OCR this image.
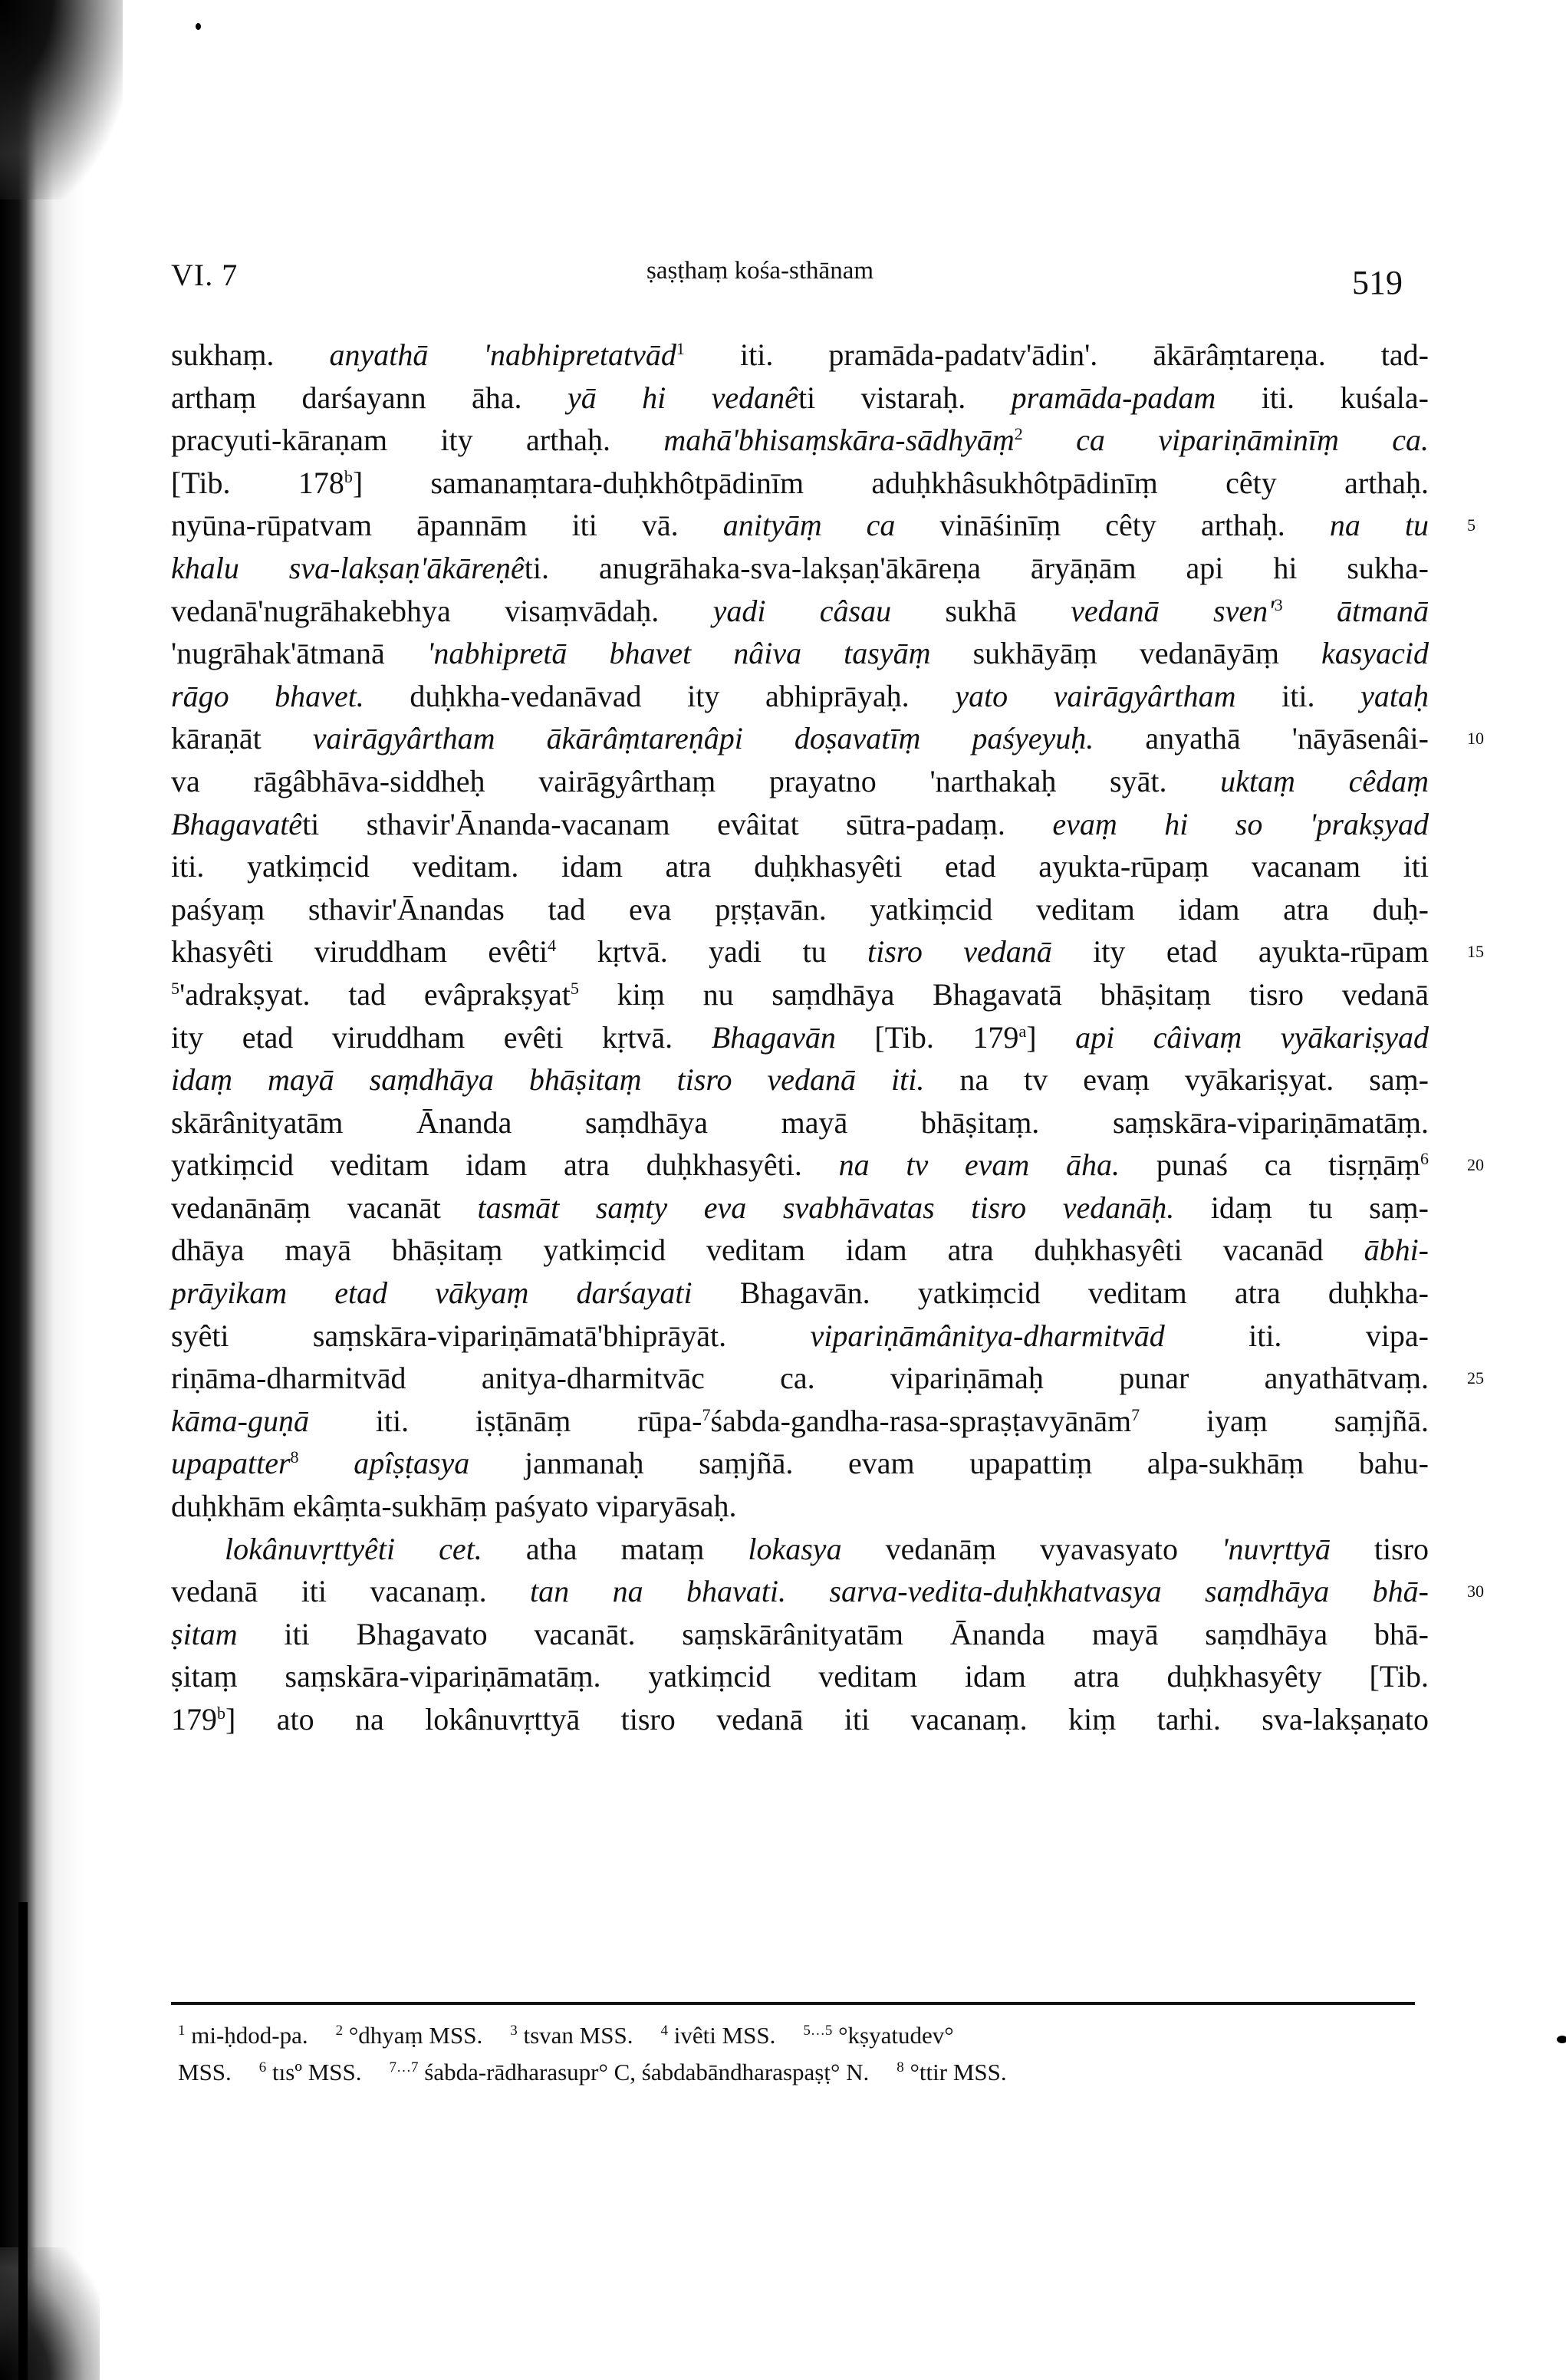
VI. 7	ṣaṣṭhaṃ kośa-sthānam	519
sukhaṃ. anyathā 'nabhipretatvād$^1$ iti. pramāda-padatv'ādin'. ākārâṃtareṇa. tad-
arthaṃ darśayann āha. yā hi vedanêti vistaraḥ. pramāda-padam iti. kuśala-
pracyuti-kāraṇam ity arthaḥ. mahā'bhisaṃskāra-sādhyāṃ$^2$ ca vipariṇāminīṃ ca.
[Tib. 178$^b$] samanaṃtara-duḥkhôtpādinīm aduḥkhâsukhôtpādinīṃ cêty arthaḥ.
nyūna-rūpatvam āpannām iti vā. anityāṃ ca vināśinīṃ cêty arthaḥ. na tu 5
khalu sva-lakṣaṇ'ākāreṇêti. anugrāhaka-sva-lakṣaṇ'ākāreṇa āryāṇām api hi sukha-
vedanā'nugrāhakebhya visaṃvādaḥ. yadi câsau sukhā vedanā $sven'^3$ ātmanā
'nugrāhak'ātmanā 'nabhipretā bhavet nâiva tasyāṃ sukhāyāṃ vedanāyāṃ kasyacid
rāgo bhavet. duḥkha-vedanāvad ity abhiprāyaḥ. yato vairāgyârtham iti. yataḥ
kāraṇāt vairāgyârtham ākārâṃtareṇâpi doṣavatīṃ paśyeyuḥ. anyathā 'nāyāsenâi- 10
va rāgâbhāva-siddheḥ vairāgyârthaṃ prayatno 'narthakaḥ syāt. uktaṃ cêdaṃ
Bhagavatêti sthavir'Ānanda-vacanam evâitat sūtra-padaṃ. evaṃ hi so 'prakṣyad
iti. yatkiṃcid veditam. idam atra duḥkhasyêti etad ayukta-rūpaṃ vacanam iti
paśyaṃ sthavir'Ānandas tad eva pṛṣṭavān. yatkiṃcid veditam idam atra duḥ-
khasyêti viruddham evêti$^4$ kṛtvā. yadi tu tisro vedanā ity etad ayukta-rūpam 15
$^5$'adrakṣyat. tad evâprakṣyat$^5$ kiṃ nu saṃdhāya Bhagavatā bhāṣitaṃ tisro vedanā
ity etad viruddham evêti kṛtvā. Bhagavān [Tib. 179$^a$] api câivaṃ vyākariṣyad
idaṃ mayā saṃdhāya bhāṣitaṃ tisro vedanā iti. na tv evaṃ vyākariṣyat. saṃ-
skārânityatām Ānanda saṃdhāya mayā bhāṣitaṃ. saṃskāra-vipariṇāmatāṃ.
yatkiṃcid veditam idam atra duḥkhasyêti. na tv evam āha. punaś ca tisṛṇāṃ$^6$ 20
vedanānāṃ vacanāt tasmāt saṃty eva svabhāvatas tisro vedanāḥ. idaṃ tu saṃ-
dhāya mayā bhāṣitaṃ yatkiṃcid veditam idam atra duḥkhasyêti vacanād ābhi-
prāyikam etad vākyaṃ darśayati Bhagavān. yatkiṃcid veditam atra duḥkha-
syêti saṃskāra-vipariṇāmatā'bhiprāyāt. vipariṇāmânitya-dharmitvād iti. vipa-
riṇāma-dharmitvād anitya-dharmitvāc ca. vipariṇāmaḥ punar anyathātvaṃ. 25
kāma-guṇā iti. iṣṭānāṃ rūpa-$^7$śabda-gandha-rasa-spraṣṭavyānām$^7$ iyaṃ saṃjñā.
upapatter$^8$ apîṣṭasya janmanaḥ saṃjñā. evam upapattiṃ alpa-sukhāṃ bahu-
duḥkhām ekâṃta-sukhāṃ paśyato viparyāsaḥ.
lokânuvṛttyêti cet. atha mataṃ lokasya vedanāṃ vyavasyato 'nuvṛttyā tisro
vedanā iti vacanaṃ. tan na bhavati. sarva-vedita-duḥkhatvasya saṃdhāya bhā- 30
ṣitam iti Bhagavato vacanāt. saṃskārânityatām Ānanda mayā saṃdhāya bhā-
ṣitaṃ saṃskāra-vipariṇāmatāṃ. yatkiṃcid veditam idam atra duḥkhasyêty [Tib.
179$^b$] ato na lokânuvṛttyā tisro vedanā iti vacanaṃ. kiṃ tarhi. sva-lakṣaṇato
$^1$ mi-ḥdod-pa. $^2$ °dhyaṃ MSS. $^3$ tsvan MSS. $^4$ ivêti MSS. $^{5\dots 5}$ °kṣyatudev°
MSS. $^6$ tısº MSS. $^{7\dots 7}$ śabda-rādharasupr° C, śabdabāndharaspaṣṭ° N. $^8$ °ttir MSS.
